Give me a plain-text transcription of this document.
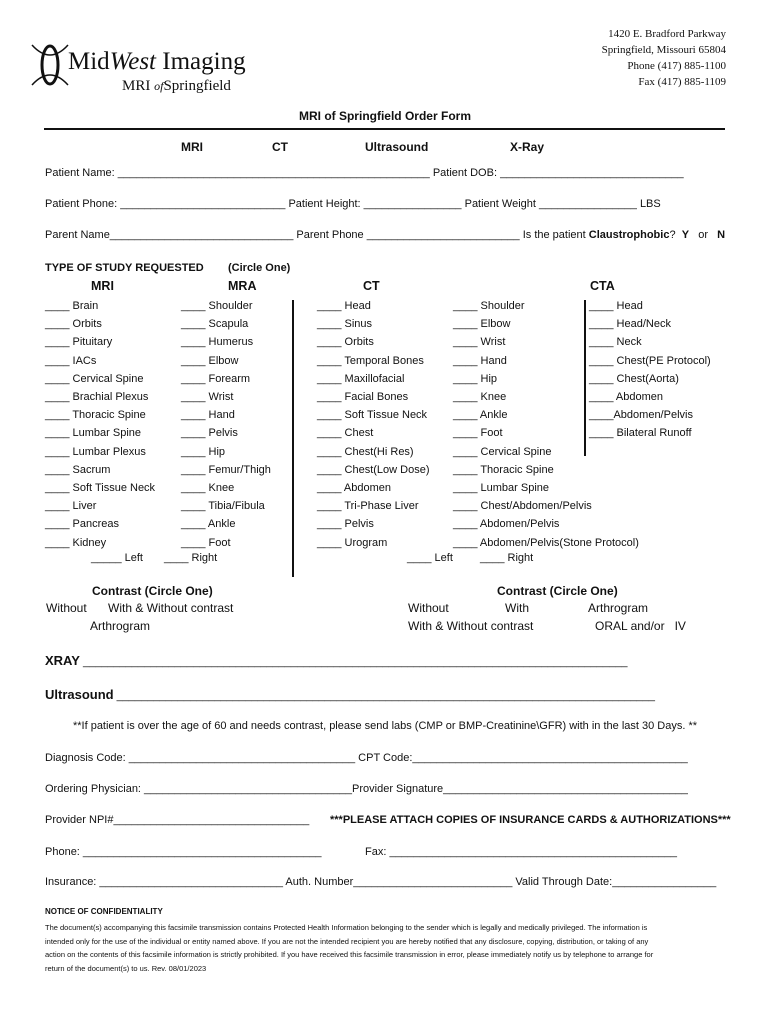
MidWest Imaging
MRI ofSpringfield
1420 E. Bradford Parkway
Springfield, Missouri 65804
Phone (417) 885-1100
Fax (417) 885-1109
MRI of Springfield Order Form
MRI	CT	Ultrasound	X-Ray
Patient Name: ___________________________________________________ Patient DOB: ______________________________
Patient Phone: ___________________________ Patient Height: ________________ Patient Weight ________________ LBS
Parent Name______________________________ Parent Phone _________________________ Is the patient Claustrophobic? Y or N
TYPE OF STUDY REQUESTED (Circle One)
MRI	MRA	CT	CTA
____ Brain
____ Orbits
____ Pituitary
____ IACs
____ Cervical Spine
____ Brachial Plexus
____ Thoracic Spine
____ Lumbar Spine
____ Lumbar Plexus
____ Sacrum
____ Soft Tissue Neck
____ Liver
____ Pancreas
____ Kidney
____ Shoulder
____ Scapula
____ Humerus
____ Elbow
____ Forearm
____ Wrist
____ Hand
____ Pelvis
____ Hip
____ Femur/Thigh
____ Knee
____ Tibia/Fibula
____ Ankle
____ Foot
____ Head
____ Sinus
____ Orbits
____ Temporal Bones
____ Maxillofacial
____ Facial Bones
____ Soft Tissue Neck
____ Chest
____ Chest(Hi Res)
____ Chest(Low Dose)
____ Abdomen
____ Tri-Phase Liver
____ Pelvis
____ Urogram
____ Shoulder
____ Elbow
____ Wrist
____ Hand
____ Hip
____ Knee
____ Ankle
____ Foot
____ Cervical Spine
____ Thoracic Spine
____ Lumbar Spine
____ Chest/Abdomen/Pelvis
____ Abdomen/Pelvis
____ Abdomen/Pelvis(Stone Protocol)
____ Head
____ Head/Neck
____ Neck
____ Chest(PE Protocol)
____ Chest(Aorta)
____ Abdomen
____Abdomen/Pelvis
____ Bilateral Runoff
_____ Left ____ Right	____ Left ____ Right
Contrast (Circle One)
Without With & Without contrast
Arthrogram
Contrast (Circle One)
Without	With	Arthrogram
With & Without contrast	ORAL and/or   IV
XRAY _________________________________________________________________________________________
Ultrasound ________________________________________________________________________________________
**If patient is over the age of 60 and needs contrast, please send labs (CMP or BMP-Creatinine\GFR) with in the last 30 Days. **
Diagnosis Code: _____________________________________ CPT Code:_____________________________________________
Ordering Physician: __________________________________Provider Signature________________________________________
Provider NPI#________________________________ ***PLEASE ATTACH COPIES OF INSURANCE CARDS & AUTHORIZATIONS***
Phone: _______________________________________	Fax: _______________________________________________
Insurance: ______________________________ Auth. Number__________________________ Valid Through Date:_________________
NOTICE OF CONFIDENTIALITY
The document(s) accompanying this facsimile transmission contains Protected Health Information belonging to the sender which is legally and medically privileged. The information is
intended only for the use of the individual or entity named above. If you are not the intended recipient you are hereby notified that any disclosure, copying, distribution, or taking of any
action on the contents of this facsimile information is strictly prohibited. If you have received this facsimile transmission in error, please immediately notify us by telephone to arrange for
return of the document(s) to us. Rev. 08/01/2023
